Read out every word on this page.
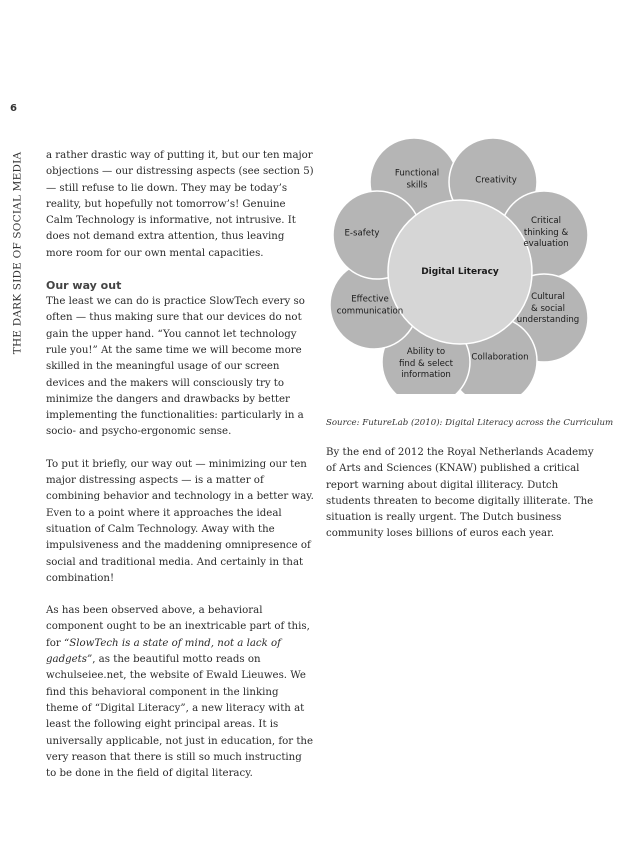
6
THE DARK SIDE OF SOCIAL MEDIA a rather drastic way of putting it, but our ten major objections — our distressing aspects (see section 5) — still refuse to lie down. They may be today’s reality, but hopefully not tomorrow’s! Genuine Calm Technology is informative, not intrusive. It does not demand extra attention, thus leaving more room for our own mental capacities.

Our way out

The least we can do is practice SlowTech every so often — thus making sure that our devices do not gain the upper hand. “You cannot let technology rule you!” At the same time we will become more skilled in the meaningful usage of our screen devices and the makers will consciously try to minimize the dangers and drawbacks by better implementing the functionalities: particularly in a socio- and psycho-ergonomic sense.

To put it briefly, our way out — minimizing our ten major distressing aspects — is a matter of combining behavior and technology in a better way. Even to a point where it approaches the ideal situation of Calm Technology. Away with the impulsiveness and the maddening omnipresence of social and traditional media. And certainly in that combination!

As has been observed above, a behavioral component ought to be an inextricable part of this, for “SlowTech is a state of mind, not a lack of gadgets”, as the beautiful motto reads on wchulseiee.net, the website of Ewald Lieuwes. We find this behavioral component in the linking theme of “Digital Literacy”, a new literacy with at least the following eight principal areas. It is universally applicable, not just in education, for the very reason that there is still so much instructing to be done in the field of digital literacy.

Functional
skills	Creativity
Critical
thinking &
evaluation
Cultural
& social
understanding
Collaboration
Ability to
find & select
information
Effective
communication
E-safety
Digital Literacy
Source: FutureLab (2010): Digital Literacy across the Curriculum

By the end of 2012 the Royal Netherlands Academy of Arts and Sciences (KNAW) published a critical report warning about digital illiteracy. Dutch students threaten to become digitally illiterate. The situation is really urgent. The Dutch business community loses billions of euros each year.
